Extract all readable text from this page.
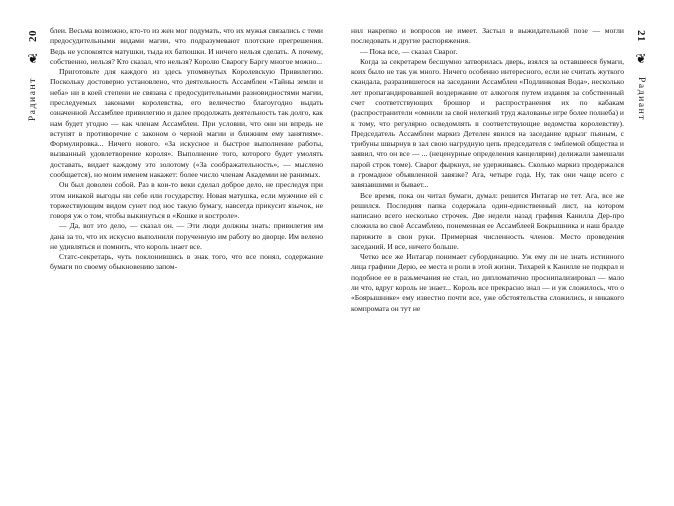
20
❦
Радиант

блеи. Весьма возможно, кто-то из жен мог подумать, что их мужья связались с теми предосудительными видами магии, что подразумевают плотские прегрешения. Ведь не успокоятся матушки, тыда их батюшки. И ничего нельзя сделать. А почему, собственно, нельзя? Кто сказал, что нельзя? Королю Сварогу Баргу многое можно...

Приготовьте для каждого из здесь упомянутых Королевскую Привилегию. Поскольку достоверно установлено, что деятельность Ассамблеи «Тайны земли и неба» ни в коей степени не связана с предосудительными разновидностями магии, преследуемых законами королевства, его величество благоугодно выдать означенной Ассамблее привилегию и далее продолжать деятельность так долго, как нам будет угодно — как членам Ассамблеи. При условии, что они ни впредь не вступят в противоречие с законом о черной магии и ближним ему занятиям». Формулировка... Ничего нового. «За искусное и быстрое выполнение работы, вызванный удовлетворение короля». Выполнение того, которого будет умолять доставать, видает каждому это золотому («За соображательность», — мыслено сообщается), но моим именем накажет: более число членам Академии не ранимых.

Он был доволен собой. Раз в кои-то веки сделал доброе дело, не преследуя при этом никакой выгоды ни себе или государству. Новая матушка, если мужчине ей с торжествующим видом сунет под нос такую бумагу, навсегда прикусит язычок, не говоря уж о том, чтобы выкинуться в «Кошке и костроле».

— Да, вот это дело, — сказал он. — Эти люди должны знать: привилегия им дана за то, что их искусно выполнили порученную им работу во дворце. Им велено не удивляться и помнить, что король знает все.

Статс-секретарь, чуть поклонившись в знак того, что все понял, содержание бумаги по своему обыкновению запом-

21
❦
Радиант

нил накрепко и вопросов не имеет. Застыл в выжидательной позе — могли последовать и другие распоряжения.

— Пока все, — сказал Сварог.

Когда за секретарем бесшумно затворилась дверь, взялся за оставшееся бумаги, коих было не так уж много. Ничего особенно интересного, если не считать жуткого скандала, разразившегося на заседании Ассамблеи «Подлинковая Вода», несколько лет пропагандировавшей воздержание от алкоголя путем издания за собственный счет соответствующих брошюр и распространения их по кабакам (распространители «омнили за свой нелегкий труд жалованье игре более полнеба) и к тому, что регулярно осведомлять в соответствующие ведомства королевству). Председатель Ассамблеи маркиз Детелен явился на заседание вдрызг пьяным, с трибуны швырнув в зал свою нагрудную цепь председателя с эмблемой общества и заявил, что он все — ... (неценурные определения канцелярии) делижали замешали парой строк томе). Сварог фыркнул, не удерживаясь. Сколько маркиз продержался в громадное объявленной завязке? Ага, четыре года. Ну, так они чаще всего с завязавшими и бывает...

Все время, пока он читал бумаги, думал: решится Интагар не тет. Ага, все же решился. Последняя папка содержала один-единственный лист, на котором написано всего несколько строчек. Две недели назад графиня Канилла Дер-про сложила во своё Ассамблею, понеменная ее Ассамблеей Бокрышника и наш бралде парижите в свои руки. Примерная численность членов. Место проведения заседаний. И все, ничего больше.

Четко все же Интагар понимает субординацию. Уж ему ли не знать истинного лица графини Дерю, ее места и роли в этой жизни. Тихарей к Канилле не подкрал и подобное ее в разьмечания не стал, но дипломатично проснипализировал — мало ли что, вдруг король не знает... Король все прекрасно знал — и уж сложилось, что о «Боярышнике» ему известно почти все, уже обстоятельства сложились, и никакого компромата он тут не
